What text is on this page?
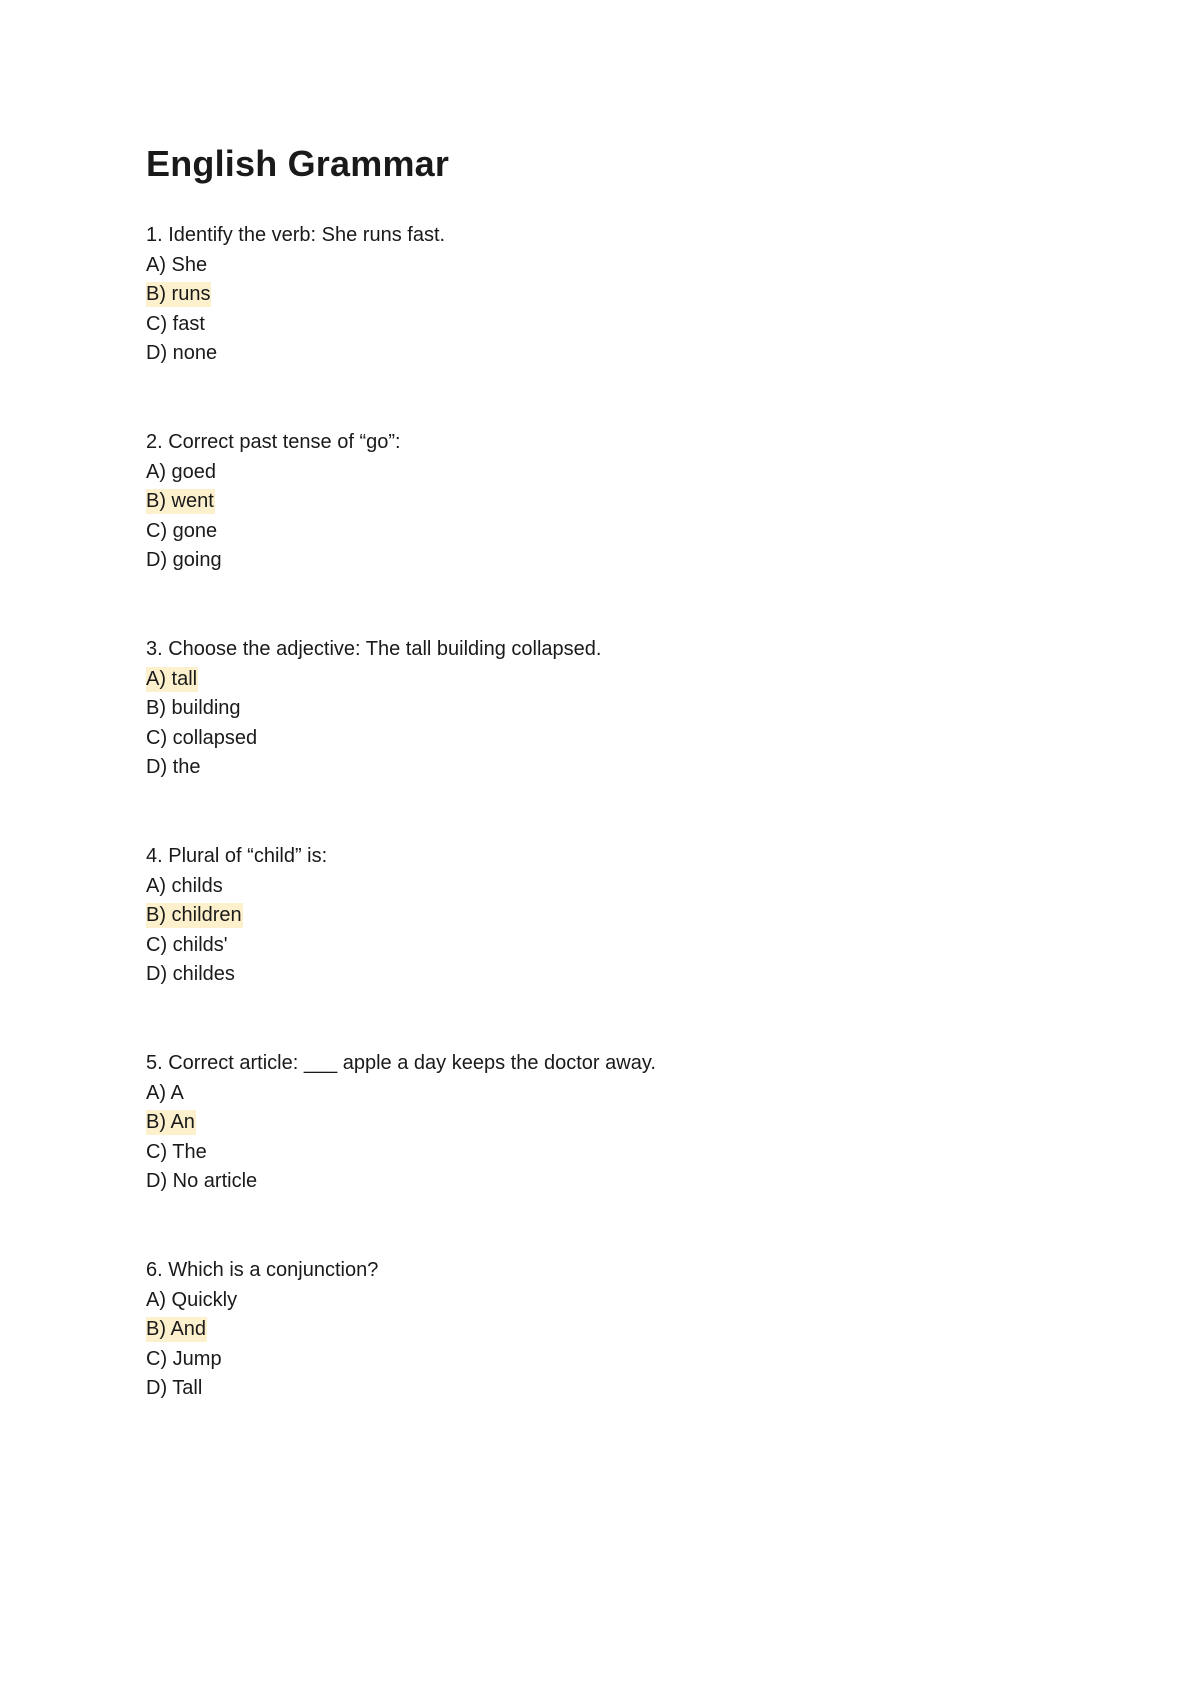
English Grammar
1. Identify the verb: She runs fast.
A) She
B) runs
C) fast
D) none
2. Correct past tense of “go”:
A) goed
B) went
C) gone
D) going
3. Choose the adjective: The tall building collapsed.
A) tall
B) building
C) collapsed
D) the
4. Plural of “child” is:
A) childs
B) children
C) childs'
D) childes
5. Correct article: ___ apple a day keeps the doctor away.
A) A
B) An
C) The
D) No article
6. Which is a conjunction?
A) Quickly
B) And
C) Jump
D) Tall
